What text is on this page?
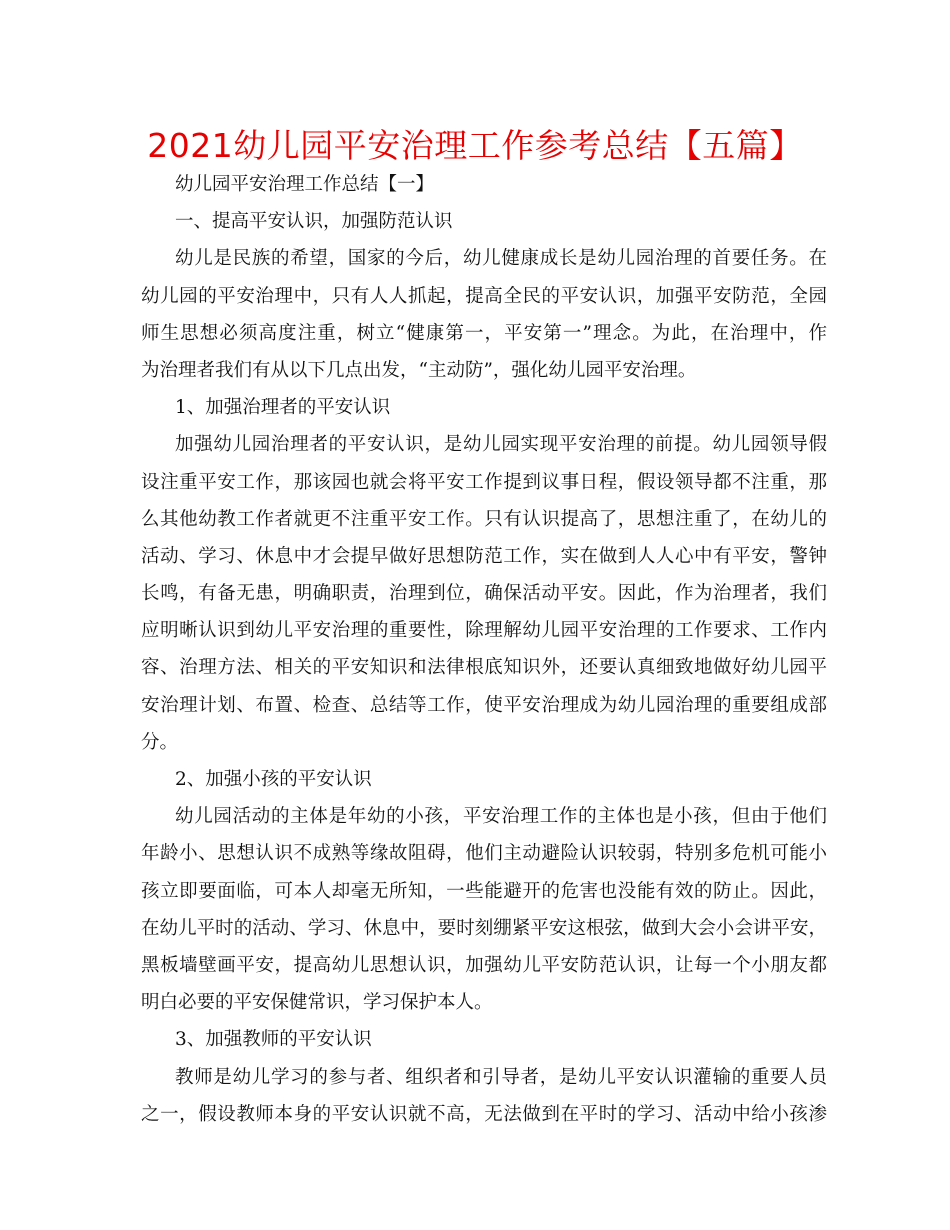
2021幼儿园平安治理工作参考总结【五篇】
幼儿园平安治理工作总结【一】
一、提高平安认识，加强防范认识
幼儿是民族的希望，国家的今后，幼儿健康成长是幼儿园治理的首要任务。在
幼儿园的平安治理中，只有人人抓起，提高全民的平安认识，加强平安防范，全园
师生思想必须高度注重，树立“健康第一，平安第一”理念。为此，在治理中，作
为治理者我们有从以下几点出发，“主动防”，强化幼儿园平安治理。
1、加强治理者的平安认识
加强幼儿园治理者的平安认识，是幼儿园实现平安治理的前提。幼儿园领导假
设注重平安工作，那该园也就会将平安工作提到议事日程，假设领导都不注重，那
么其他幼教工作者就更不注重平安工作。只有认识提高了，思想注重了，在幼儿的
活动、学习、休息中才会提早做好思想防范工作，实在做到人人心中有平安，警钟
长鸣，有备无患，明确职责，治理到位，确保活动平安。因此，作为治理者，我们
应明晰认识到幼儿平安治理的重要性，除理解幼儿园平安治理的工作要求、工作内
容、治理方法、相关的平安知识和法律根底知识外，还要认真细致地做好幼儿园平
安治理计划、布置、检查、总结等工作，使平安治理成为幼儿园治理的重要组成部
分。
2、加强小孩的平安认识
幼儿园活动的主体是年幼的小孩，平安治理工作的主体也是小孩，但由于他们
年龄小、思想认识不成熟等缘故阻碍，他们主动避险认识较弱，特别多危机可能小
孩立即要面临，可本人却毫无所知，一些能避开的危害也没能有效的防止。因此，
在幼儿平时的活动、学习、休息中，要时刻绷紧平安这根弦，做到大会小会讲平安，
黑板墙壁画平安，提高幼儿思想认识，加强幼儿平安防范认识，让每一个小朋友都
明白必要的平安保健常识，学习保护本人。
3、加强教师的平安认识
教师是幼儿学习的参与者、组织者和引导者，是幼儿平安认识灌输的重要人员
之一，假设教师本身的平安认识就不高，无法做到在平时的学习、活动中给小孩渗
